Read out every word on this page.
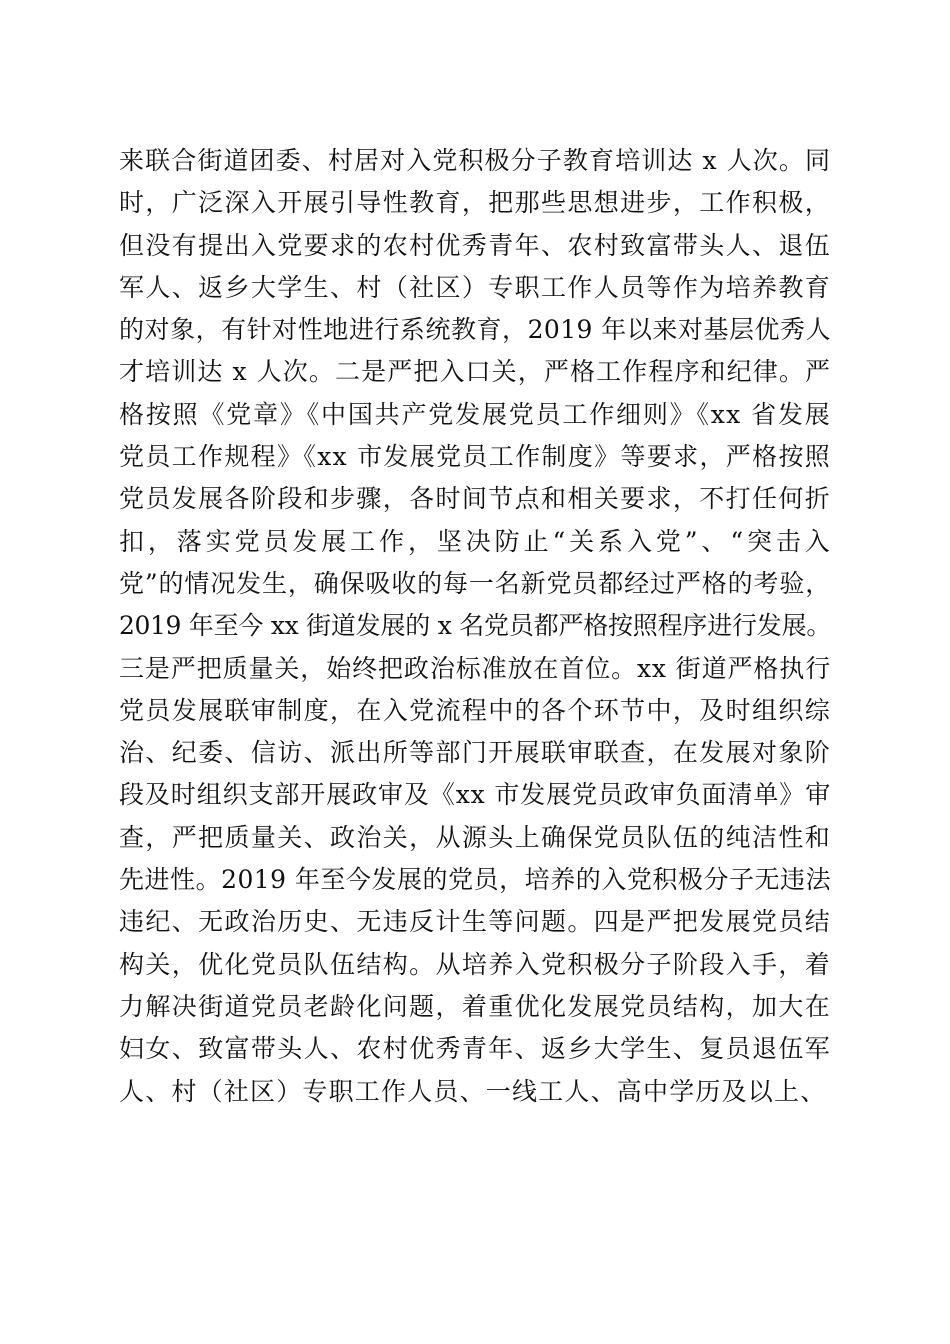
来联合街道团委、村居对入党积极分子教育培训达 x 人次。同
时，广泛深入开展引导性教育，把那些思想进步，工作积极，
但没有提出入党要求的农村优秀青年、农村致富带头人、退伍
军人、返乡大学生、村（社区）专职工作人员等作为培养教育
的对象，有针对性地进行系统教育，2019 年以来对基层优秀人
才培训达 x 人次。二是严把入口关，严格工作程序和纪律。严
格按照《党章》《中国共产党发展党员工作细则》《xx 省发展
党员工作规程》《xx 市发展党员工作制度》等要求，严格按照
党员发展各阶段和步骤，各时间节点和相关要求，不打任何折
扣，落实党员发展工作，坚决防止“关系入党”、“突击入
党”的情况发生，确保吸收的每一名新党员都经过严格的考验，
2019 年至今 xx 街道发展的 x 名党员都严格按照程序进行发展。
三是严把质量关，始终把政治标准放在首位。xx 街道严格执行
党员发展联审制度，在入党流程中的各个环节中，及时组织综
治、纪委、信访、派出所等部门开展联审联查，在发展对象阶
段及时组织支部开展政审及《xx 市发展党员政审负面清单》审
查，严把质量关、政治关，从源头上确保党员队伍的纯洁性和
先进性。2019 年至今发展的党员，培养的入党积极分子无违法
违纪、无政治历史、无违反计生等问题。四是严把发展党员结
构关，优化党员队伍结构。从培养入党积极分子阶段入手，着
力解决街道党员老龄化问题，着重优化发展党员结构，加大在
妇女、致富带头人、农村优秀青年、返乡大学生、复员退伍军
人、村（社区）专职工作人员、一线工人、高中学历及以上、
